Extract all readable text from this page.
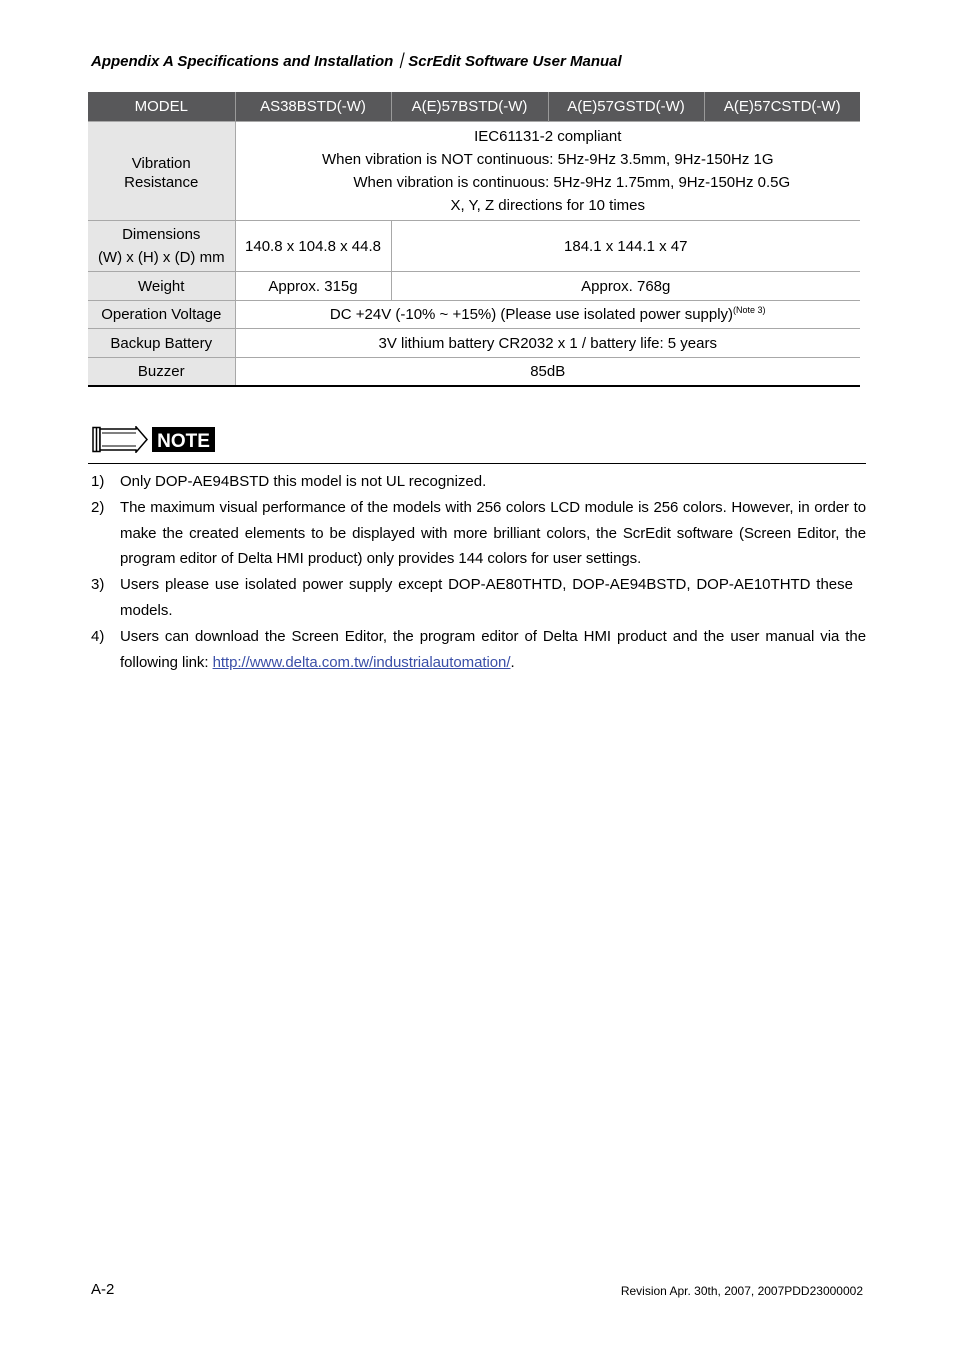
Appendix A Specifications and Installation｜ScrEdit Software User Manual
MODEL	AS38BSTD(-W)	A(E)57BSTD(-W)	A(E)57GSTD(-W)	A(E)57CSTD(-W)
Vibration Resistance	IEC61131-2 compliant
When vibration is NOT continuous: 5Hz-9Hz 3.5mm, 9Hz-150Hz 1G
When vibration is continuous: 5Hz-9Hz 1.75mm, 9Hz-150Hz 0.5G
X, Y, Z directions for 10 times			

Dimensions
(W) x (H) x (D) mm	140.8 x 104.8 x 44.8	184.1 x 144.1 x 47		
Weight	Approx. 315g	Approx. 768g		
Operation Voltage	DC +24V (-10% ~ +15%) (Please use isolated power supply)$^{(Note 3)}$
Backup Battery	3V lithium battery CR2032 x 1 / battery life: 5 years			
Buzzer	85dB			
NOTE
1) Only DOP-AE94BSTD this model is not UL recognized.
2) The maximum visual performance of the models with 256 colors LCD module is 256 colors. However, in order to make the created elements to be displayed with more brilliant colors, the ScrEdit software (Screen Editor, the program editor of Delta HMI product) only provides 144 colors for user settings.
3) Users please use isolated power supply except DOP-AE80THTD, DOP-AE94BSTD, DOP-AE10THTD these models.
4) Users can download the Screen Editor, the program editor of Delta HMI product and the user manual via the following link: http://www.delta.com.tw/industrialautomation/.
A-2	Revision Apr. 30th, 2007, 2007PDD23000002
